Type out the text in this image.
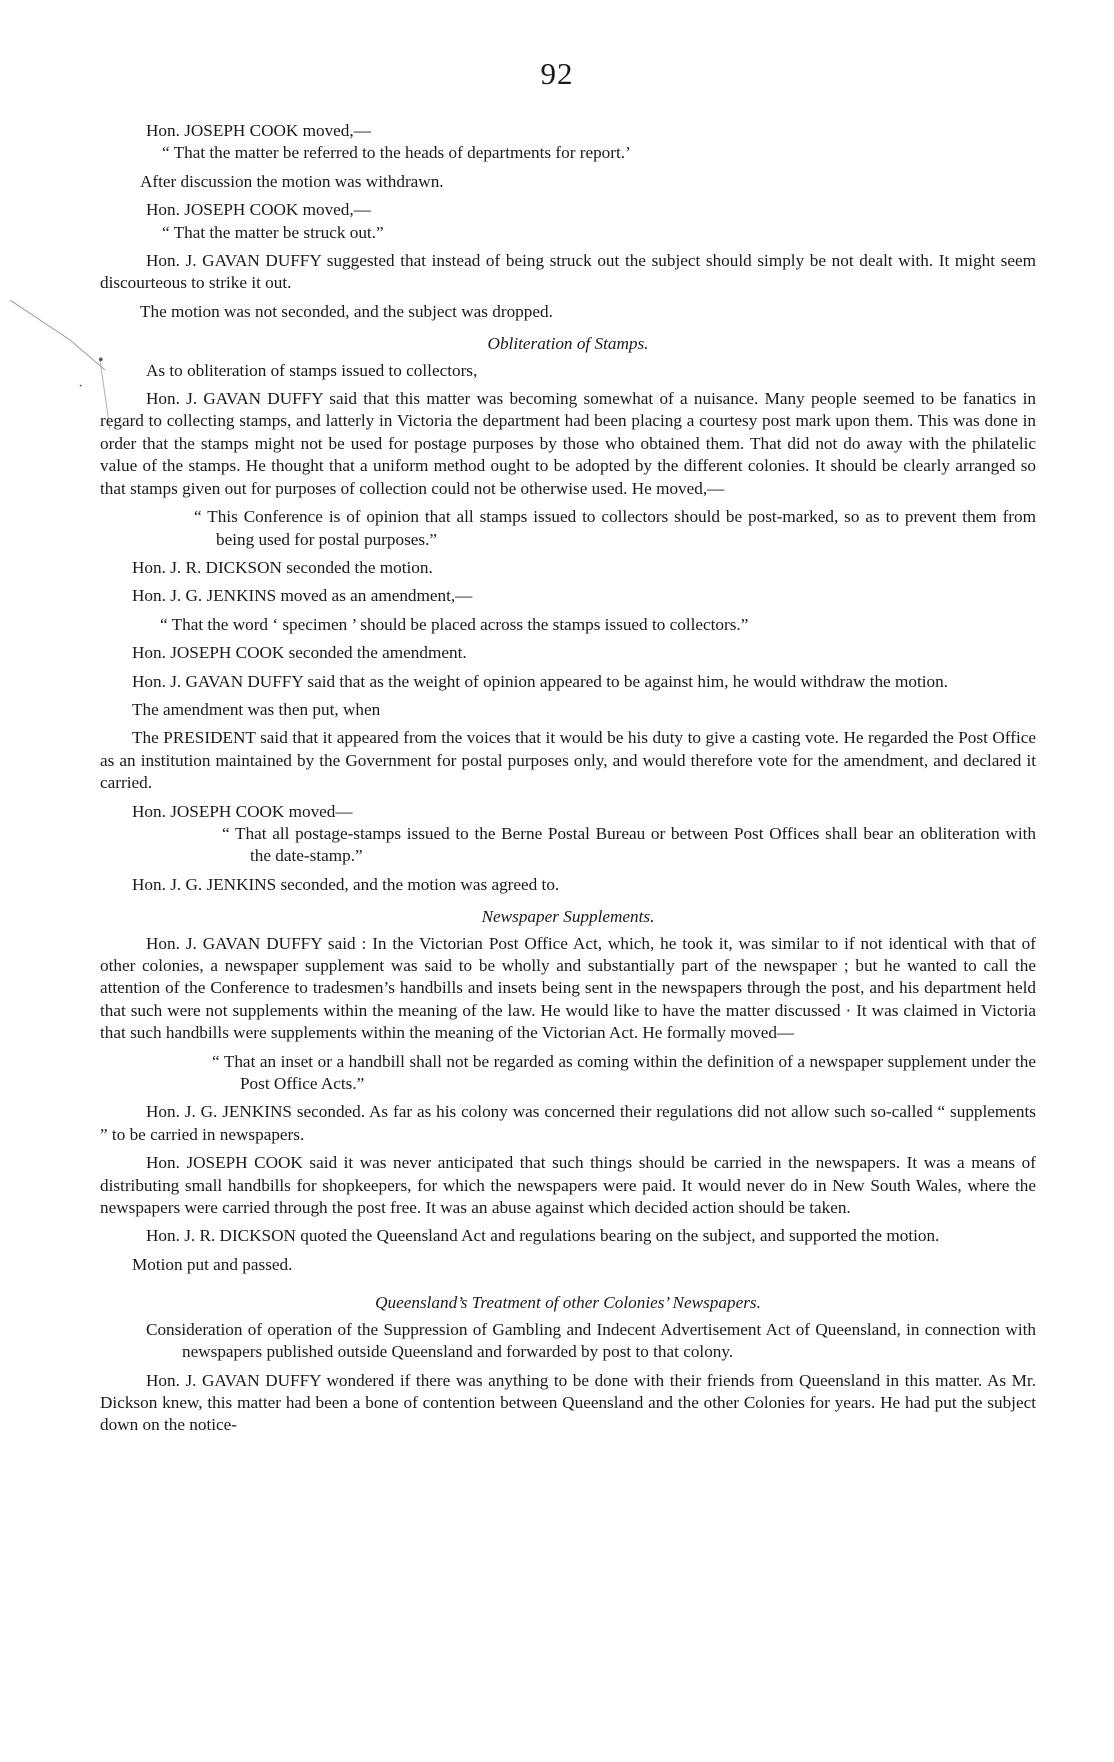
•
·
92

Hon. JOSEPH COOK moved,—

“ That the matter be referred to the heads of departments for report.’

After discussion the motion was withdrawn.

Hon. JOSEPH COOK moved,—

“ That the matter be struck out.”

Hon. J. GAVAN DUFFY suggested that instead of being struck out the subject should simply be not dealt with. It might seem discourteous to strike it out.

The motion was not seconded, and the subject was dropped.

Obliteration of Stamps.

As to obliteration of stamps issued to collectors,

Hon. J. GAVAN DUFFY said that this matter was becoming somewhat of a nuisance. Many people seemed to be fanatics in regard to collecting stamps, and latterly in Victoria the department had been placing a courtesy post mark upon them. This was done in order that the stamps might not be used for postage purposes by those who obtained them. That did not do away with the philatelic value of the stamps. He thought that a uniform method ought to be adopted by the different colonies. It should be clearly arranged so that stamps given out for purposes of collection could not be otherwise used. He moved,—

“ This Conference is of opinion that all stamps issued to collectors should be post-marked, so as to prevent them from being used for postal purposes.”

Hon. J. R. DICKSON seconded the motion.

Hon. J. G. JENKINS moved as an amendment,—

“ That the word ‘ specimen ’ should be placed across the stamps issued to collectors.”

Hon. JOSEPH COOK seconded the amendment.

Hon. J. GAVAN DUFFY said that as the weight of opinion appeared to be against him, he would withdraw the motion.

The amendment was then put, when

The PRESIDENT said that it appeared from the voices that it would be his duty to give a casting vote. He regarded the Post Office as an institution maintained by the Government for postal purposes only, and would therefore vote for the amendment, and declared it carried.

Hon. JOSEPH COOK moved—

“ That all postage-stamps issued to the Berne Postal Bureau or between Post Offices shall bear an obliteration with the date-stamp.”

Hon. J. G. JENKINS seconded, and the motion was agreed to.

Newspaper Supplements.

Hon. J. GAVAN DUFFY said : In the Victorian Post Office Act, which, he took it, was similar to if not identical with that of other colonies, a newspaper supplement was said to be wholly and substantially part of the newspaper ; but he wanted to call the attention of the Conference to tradesmen’s handbills and insets being sent in the newspapers through the post, and his department held that such were not supplements within the meaning of the law. He would like to have the matter discussed · It was claimed in Victoria that such handbills were supplements within the meaning of the Victorian Act. He formally moved—

“ That an inset or a handbill shall not be regarded as coming within the definition of a newspaper supplement under the Post Office Acts.”

Hon. J. G. JENKINS seconded. As far as his colony was concerned their regulations did not allow such so-called “ supplements ” to be carried in newspapers.

Hon. JOSEPH COOK said it was never anticipated that such things should be carried in the newspapers. It was a means of distributing small handbills for shopkeepers, for which the newspapers were paid. It would never do in New South Wales, where the newspapers were carried through the post free. It was an abuse against which decided action should be taken.

Hon. J. R. DICKSON quoted the Queensland Act and regulations bearing on the subject, and supported the motion.

Motion put and passed.

Queensland’s Treatment of other Colonies’ Newspapers.

Consideration of operation of the Suppression of Gambling and Indecent Advertisement Act of Queensland, in connection with newspapers published outside Queensland and forwarded by post to that colony.

Hon. J. GAVAN DUFFY wondered if there was anything to be done with their friends from Queensland in this matter. As Mr. Dickson knew, this matter had been a bone of contention between Queensland and the other Colonies for years. He had put the subject down on the notice-
